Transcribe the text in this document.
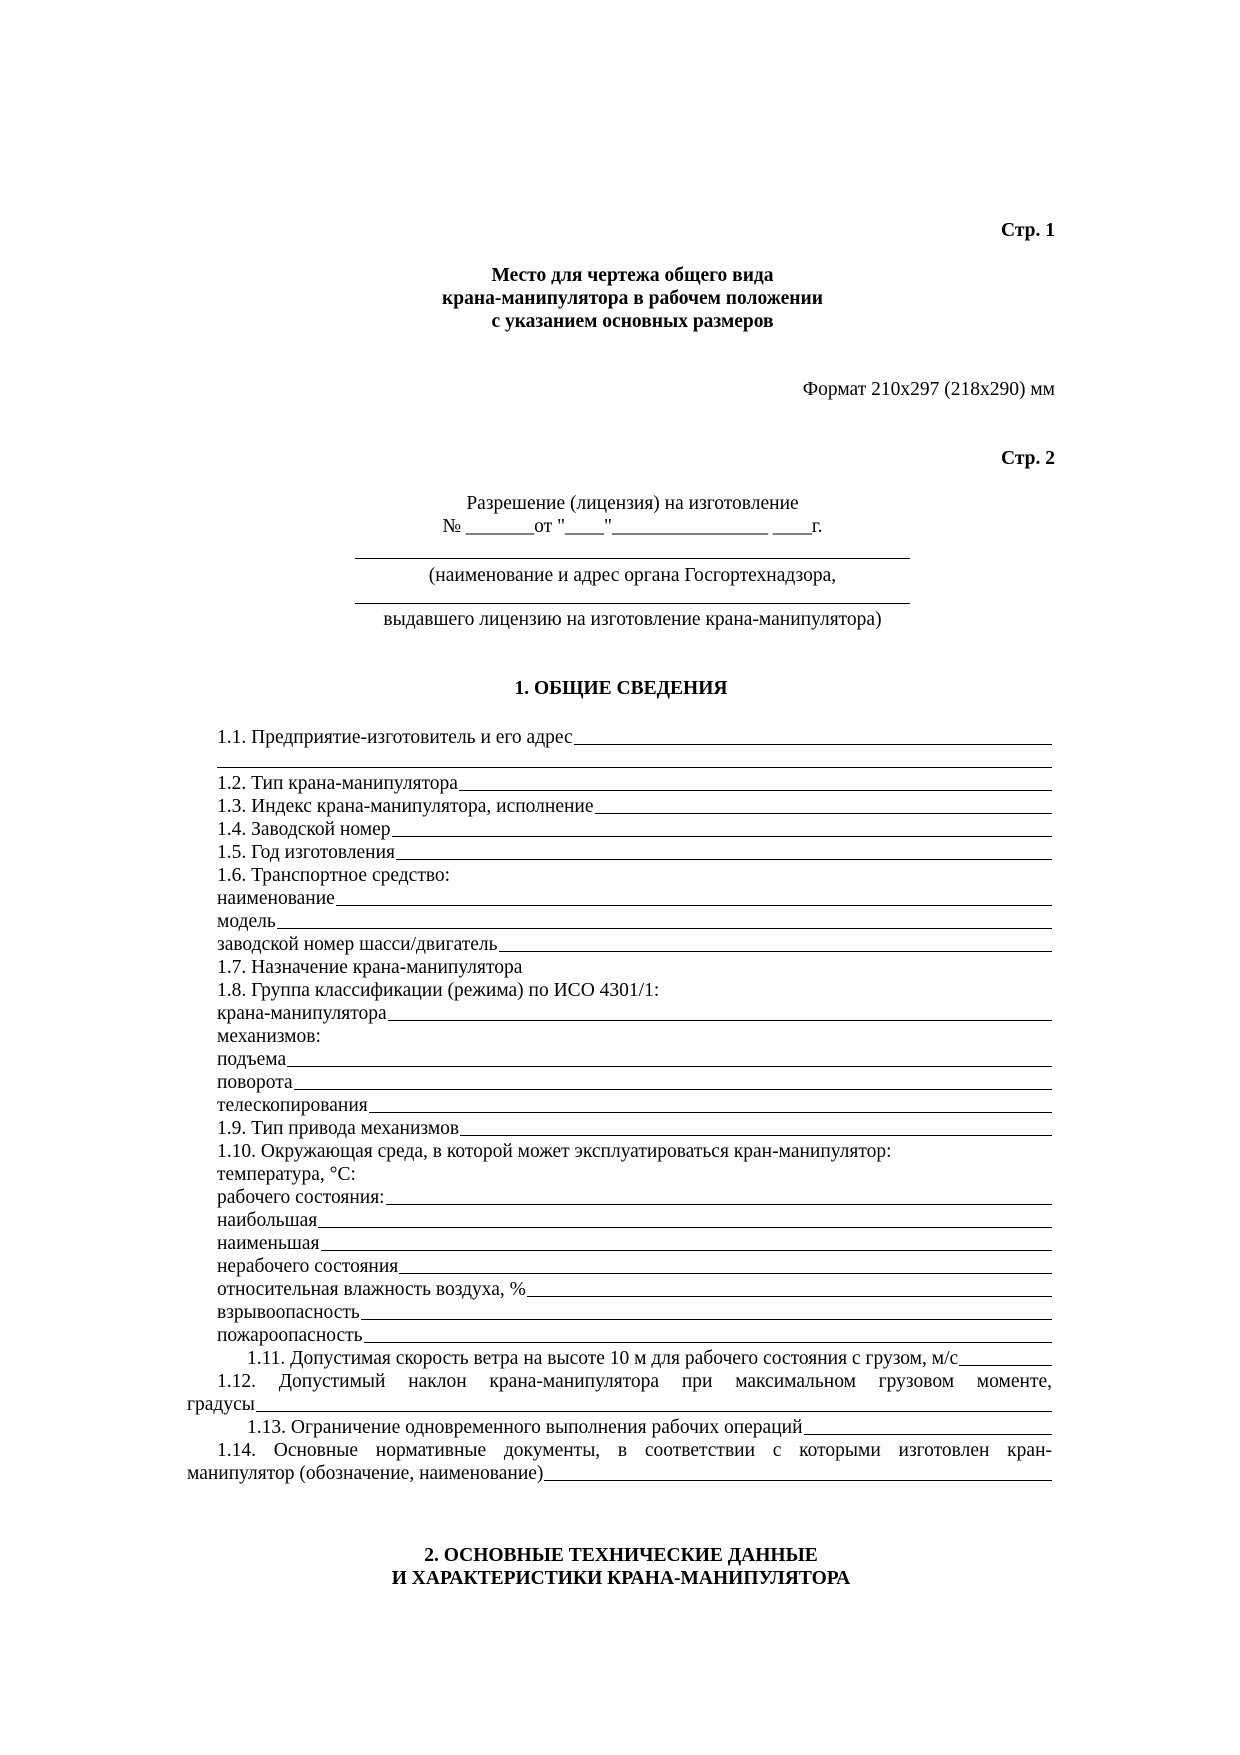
Стр. 1
Место для чертежа общего вида
крана-манипулятора в рабочем положении
с указанием основных размеров
Формат 210x297 (218x290) мм
Стр. 2
Разрешение (лицензия) на изготовление
№ _______от "____"________________ ____г.
(наименование и адрес органа Госгортехнадзора,
выдавшего лицензию на изготовление крана-манипулятора)
1. ОБЩИЕ СВЕДЕНИЯ
1.1. Предприятие-изготовитель и его адрес
1.2. Тип крана-манипулятора
1.3. Индекс крана-манипулятора, исполнение
1.4. Заводской номер
1.5. Год изготовления
1.6. Транспортное средство:
наименование
модель
заводской номер шасси/двигатель
1.7. Назначение крана-манипулятора
1.8. Группа классификации (режима) по ИСО 4301/1:
крана-манипулятора
механизмов:
подъема
поворота
телескопирования
1.9. Тип привода механизмов
1.10. Окружающая среда, в которой может эксплуатироваться кран-манипулятор:
температура, °С:
рабочего состояния:
наибольшая
наименьшая
нерабочего состояния
относительная влажность воздуха, %
взрывоопасность
пожароопасность
1.11. Допустимая скорость ветра на высоте 10 м для рабочего состояния с грузом, м/с
1.12. Допустимый наклон крана-манипулятора при максимальном грузовом моменте,
градусы
1.13. Ограничение одновременного выполнения рабочих операций
1.14. Основные нормативные документы, в соответствии с которыми изготовлен кран-
манипулятор (обозначение, наименование)
2. ОСНОВНЫЕ ТЕХНИЧЕСКИЕ ДАННЫЕ
И ХАРАКТЕРИСТИКИ КРАНА-МАНИПУЛЯТОРА
